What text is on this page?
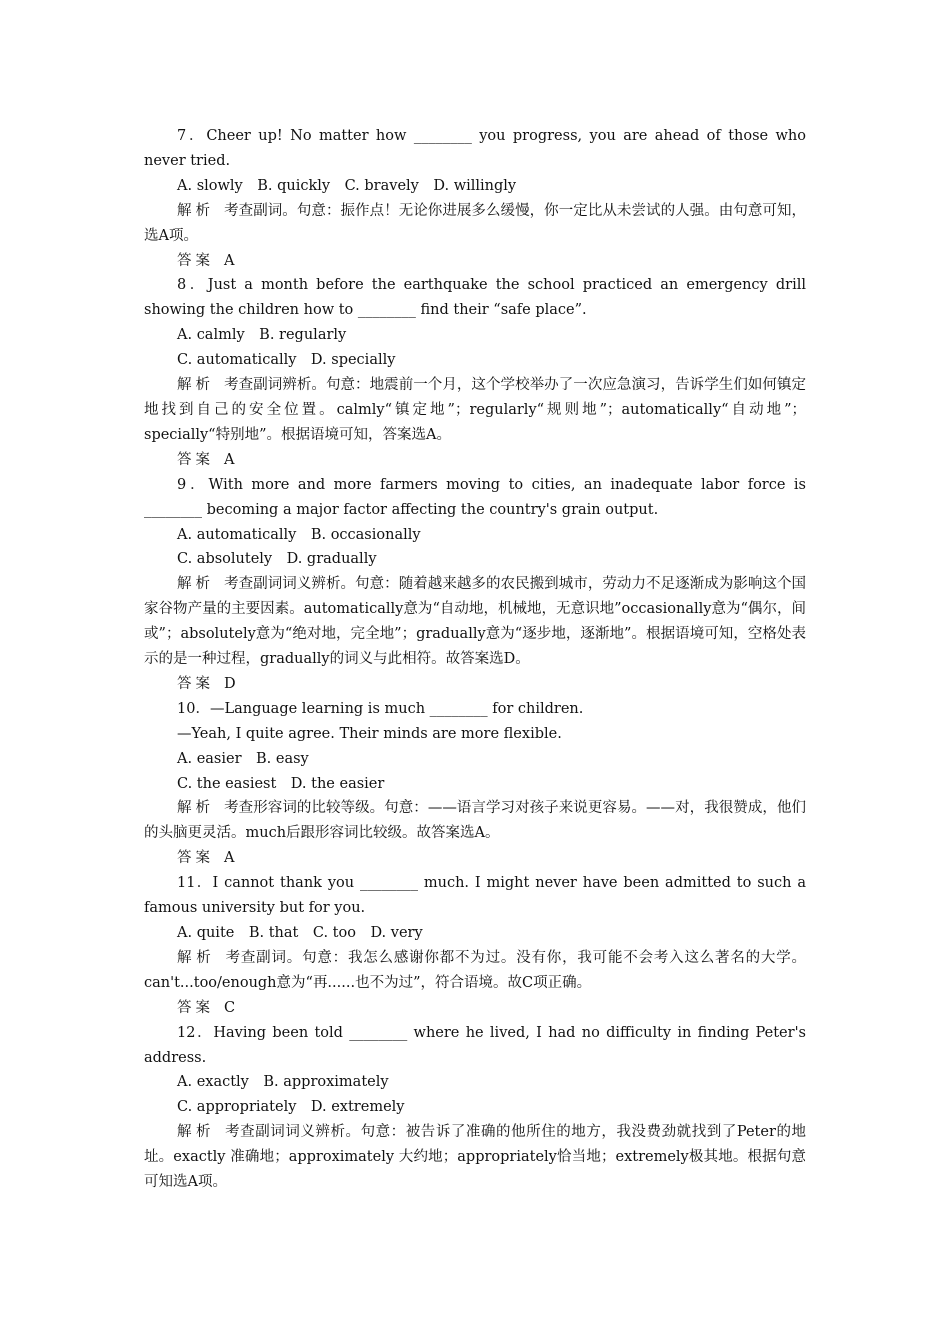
7．Cheer up! No matter how ________ you progress, you are ahead of those who never tried.

A. slowly　B. quickly　C. bravely　D. willingly

解析 考查副词。句意：振作点！无论你进展多么缓慢，你一定比从未尝试的人强。由句意可知，选A项。

答案 A

8．Just a month before the earthquake the school practiced an emergency drill showing the children how to ________ find their “safe place”.

A. calmly　B. regularly

C. automatically　D. specially

解析 考查副词辨析。句意：地震前一个月，这个学校举办了一次应急演习，告诉学生们如何镇定地找到自己的安全位置。calmly“镇定地”；regularly“规则地”；automatically“自动地”；specially“特别地”。根据语境可知，答案选A。

答案 A

9．With more and more farmers moving to cities, an inadequate labor force is ________ becoming a major factor affecting the country's grain output.

A. automatically　B. occasionally

C. absolutely　D. gradually

解析 考查副词词义辨析。句意：随着越来越多的农民搬到城市，劳动力不足逐渐成为影响这个国家谷物产量的主要因素。automatically意为“自动地，机械地，无意识地”occasionally意为“偶尔，间或”；absolutely意为“绝对地，完全地”；gradually意为“逐步地，逐渐地”。根据语境可知，空格处表示的是一种过程，gradually的词义与此相符。故答案选D。

答案 D

10．—Language learning is much ________ for children.

—Yeah, I quite agree. Their minds are more flexible.

A. easier　B. easy

C. the easiest　D. the easier

解析 考查形容词的比较等级。句意：——语言学习对孩子来说更容易。——对，我很赞成，他们的头脑更灵活。much后跟形容词比较级。故答案选A。

答案 A

11．I cannot thank you ________ much. I might never have been admitted to such a famous university but for you.

A. quite　B. that　C. too　D. very

解析 考查副词。句意：我怎么感谢你都不为过。没有你，我可能不会考入这么著名的大学。can't...too/enough意为“再......也不为过”，符合语境。故C项正确。

答案 C

12．Having been told ________ where he lived, I had no difficulty in finding Peter's address.

A. exactly　B. approximately

C. appropriately　D. extremely

解析 考查副词词义辨析。句意：被告诉了准确的他所住的地方，我没费劲就找到了Peter的地址。exactly 准确地；approximately 大约地；appropriately恰当地；extremely极其地。根据句意可知选A项。
